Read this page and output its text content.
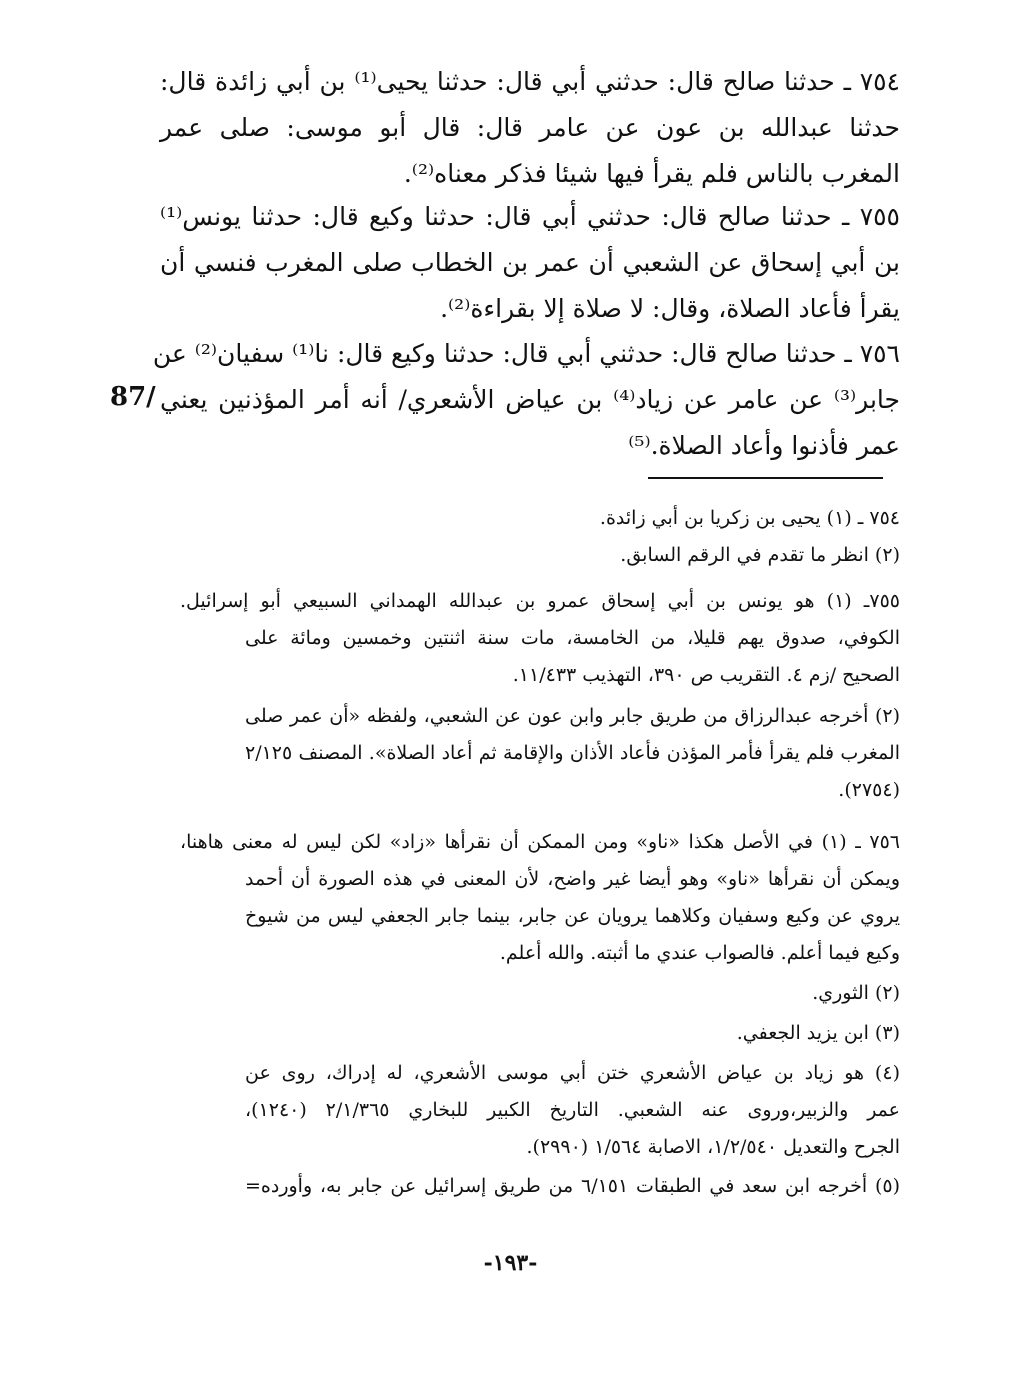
٧٥٤ ـ حدثنا صالح قال: حدثني أبي قال: حدثنا يحيى⁽¹⁾ بن أبي زائدة قال:
حدثنا عبدالله بن عون عن عامر قال: قال أبو موسى: صلى عمر
المغرب بالناس فلم يقرأ فيها شيئا فذكر معناه⁽²⁾.
٧٥٥ ـ حدثنا صالح قال: حدثني أبي قال: حدثنا وكيع قال: حدثنا يونس⁽¹⁾
بن أبي إسحاق عن الشعبي أن عمر بن الخطاب صلى المغرب فنسي أن
يقرأ فأعاد الصلاة، وقال: لا صلاة إلا بقراءة⁽²⁾.
٧٥٦ ـ حدثنا صالح قال: حدثني أبي قال: حدثنا وكيع قال: نا⁽¹⁾ سفيان⁽²⁾ عن
جابر⁽³⁾ عن عامر عن زياد⁽⁴⁾ بن عياض الأشعري/ أنه أمر المؤذنين يعني
عمر فأذنوا وأعاد الصلاة.⁽⁵⁾
87/
٧٥٤ ـ (١) يحيى بن زكريا بن أبي زائدة.
(٢) انظر ما تقدم في الرقم السابق.
٧٥٥ـ (١) هو يونس بن أبي إسحاق عمرو بن عبدالله الهمداني السبيعي أبو إسرائيل.
الكوفي، صدوق يهم قليلا، من الخامسة، مات سنة اثنتين وخمسين ومائة على
الصحيح /زم ٤. التقريب ص ٣٩٠، التهذيب ١١/٤٣٣.
(٢) أخرجه عبدالرزاق من طريق جابر وابن عون عن الشعبي، ولفظه «أن عمر صلى
المغرب فلم يقرأ فأمر المؤذن فأعاد الأذان والإقامة ثم أعاد الصلاة». المصنف ٢/١٢٥
(٢٧٥٤).
٧٥٦ ـ (١) في الأصل هكذا «ناو» ومن الممكن أن نقرأها «زاد» لكن ليس له معنى هاهنا،
ويمكن أن نقرأها «ناو» وهو أيضا غير واضح، لأن المعنى في هذه الصورة أن أحمد
يروي عن وكيع وسفيان وكلاهما يرويان عن جابر، بينما جابر الجعفي ليس من شيوخ
وكيع فيما أعلم. فالصواب عندي ما أثبته. والله أعلم.
(٢) الثوري.
(٣) ابن يزيد الجعفي.
(٤) هو زياد بن عياض الأشعري ختن أبي موسى الأشعري، له إدراك، روى عن
عمر والزبير،وروى عنه الشعبي. التاريخ الكبير للبخاري ٢/١/٣٦٥ (١٢٤٠)،
الجرح والتعديل ١/٢/٥٤٠، الاصابة ١/٥٦٤ (٢٩٩٠).
(٥) أخرجه ابن سعد في الطبقات ٦/١٥١ من طريق إسرائيل عن جابر به، وأورده=
-١٩٣-
